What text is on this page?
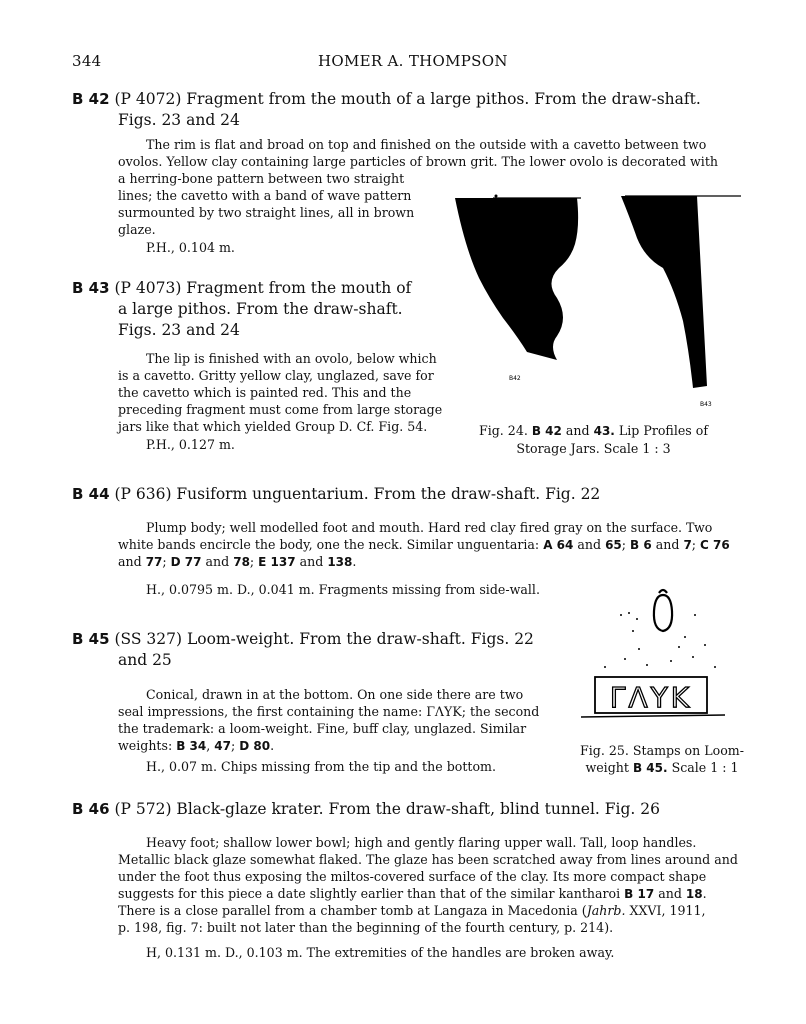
344	HOMER A. THOMPSON
B 42 (P 4072) Fragment from the mouth of a large pithos. From the draw-shaft.
Figs. 23 and 24
The rim is flat and broad on top and finished on the outside with a cavetto between two
ovolos. Yellow clay containing large particles of brown grit. The lower ovolo is decorated with
a herring-bone pattern between two straight
lines; the cavetto with a band of wave pattern
surmounted by two straight lines, all in brown
glaze.
P.H., 0.104 m.
B 43 (P 4073) Fragment from the mouth of
a large pithos. From the draw-shaft.
Figs. 23 and 24
The lip is finished with an ovolo, below which
is a cavetto. Gritty yellow clay, unglazed, save for
the cavetto which is painted red. This and the
preceding fragment must come from large storage
jars like that which yielded Group D. Cf. Fig. 54.
P.H., 0.127 m.
B42
B43
Fig. 24. B 42 and 43. Lip Profiles of
Storage Jars. Scale 1 : 3
B 44 (P 636) Fusiform unguentarium. From the draw-shaft. Fig. 22
Plump body; well modelled foot and mouth. Hard red clay fired gray on the surface. Two
white bands encircle the body, one the neck. Similar unguentaria: A 64 and 65; B 6 and 7; C 76
and 77; D 77 and 78; E 137 and 138.
H., 0.0795 m. D., 0.041 m. Fragments missing from side-wall.
B 45 (SS 327) Loom-weight. From the draw-shaft. Figs. 22
and 25
Conical, drawn in at the bottom. On one side there are two
seal impressions, the first containing the name: ΓΛΥΚ; the second
the trademark: a loom-weight. Fine, buff clay, unglazed. Similar
weights: B 34, 47; D 80.
H., 0.07 m. Chips missing from the tip and the bottom.
ΓΛΥΚ
Fig. 25. Stamps on Loom-
weight B 45. Scale 1 : 1
B 46 (P 572) Black-glaze krater. From the draw-shaft, blind tunnel. Fig. 26
Heavy foot; shallow lower bowl; high and gently flaring upper wall. Tall, loop handles.
Metallic black glaze somewhat flaked. The glaze has been scratched away from lines around and
under the foot thus exposing the miltos-covered surface of the clay. Its more compact shape
suggests for this piece a date slightly earlier than that of the similar kantharoi B 17 and 18.
There is a close parallel from a chamber tomb at Langaza in Macedonia (Jahrb. XXVI, 1911,
p. 198, fig. 7: built not later than the beginning of the fourth century, p. 214).
H, 0.131 m. D., 0.103 m. The extremities of the handles are broken away.
